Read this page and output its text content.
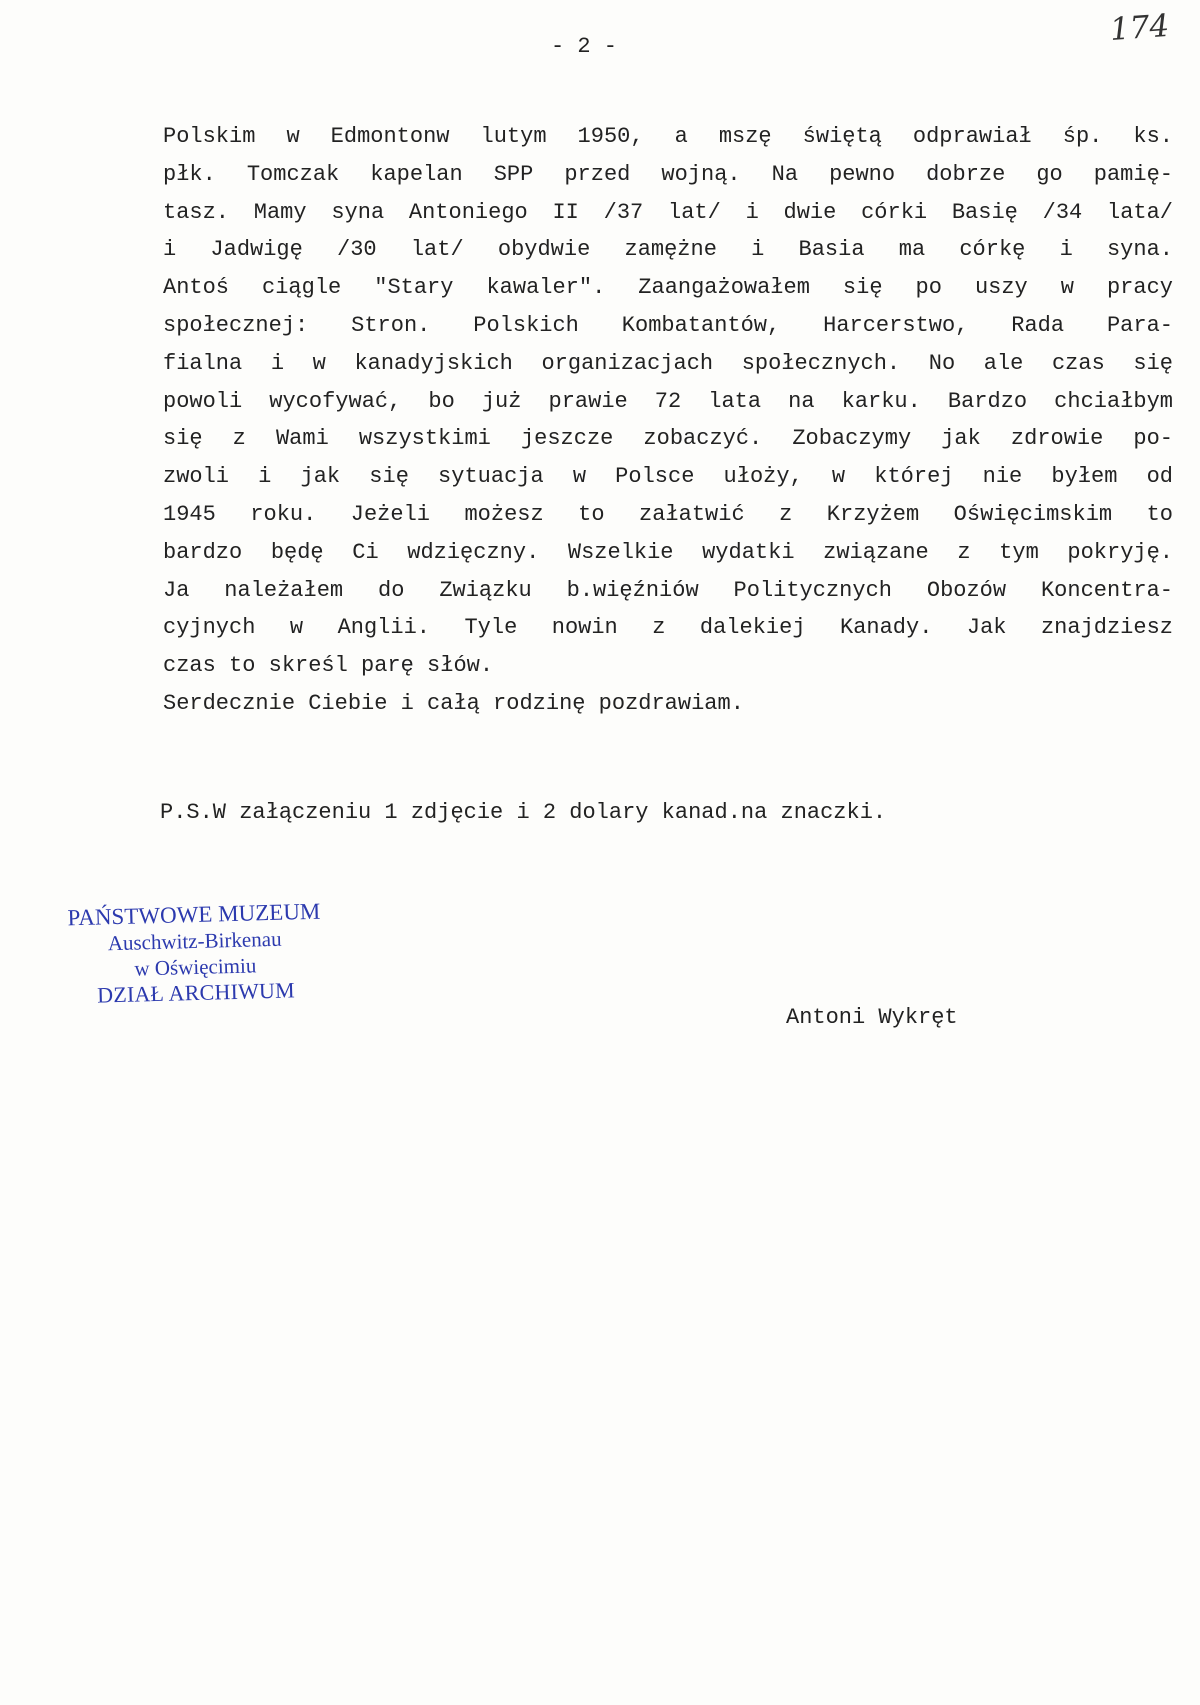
174
- 2 -
Polskim w Edmontonw lutym 1950, a mszę świętą odprawiał śp. ks.
płk. Tomczak kapelan SPP przed wojną. Na pewno dobrze go pamię-
tasz. Mamy syna Antoniego II /37 lat/ i dwie córki Basię /34 lata/
i Jadwigę /30 lat/ obydwie zamężne i Basia ma córkę i syna.
Antoś ciągle "Stary kawaler". Zaangażowałem się po uszy w pracy
społecznej: Stron. Polskich Kombatantów, Harcerstwo, Rada Para-
fialna i w kanadyjskich organizacjach społecznych. No ale czas się
powoli wycofywać, bo już prawie 72 lata na karku. Bardzo chciałbym
się z Wami wszystkimi jeszcze zobaczyć. Zobaczymy jak zdrowie po-
zwoli i jak się sytuacja w Polsce ułoży, w której nie byłem od
1945 roku. Jeżeli możesz to załatwić z Krzyżem Oświęcimskim to
bardzo będę Ci wdzięczny. Wszelkie wydatki związane z tym pokryję.
Ja należałem do Związku b.więźniów Politycznych Obozów Koncentra-
cyjnych w Anglii. Tyle nowin z dalekiej Kanady. Jak znajdziesz
czas to skreśl parę słów.
Serdecznie Ciebie i całą rodzinę pozdrawiam.
P.S.W załączeniu 1 zdjęcie i 2 dolary kanad.na znaczki.
PAŃSTWOWE MUZEUM
Auschwitz-Birkenau
w Oświęcimiu
DZIAŁ ARCHIWUM
Antoni Wykręt
